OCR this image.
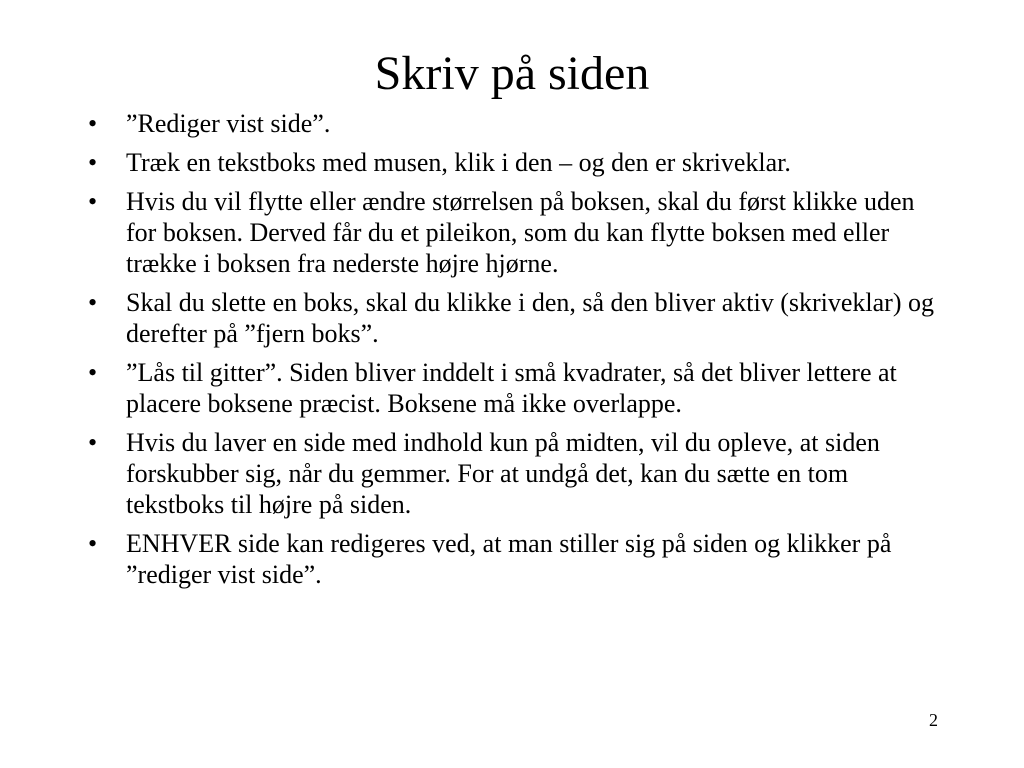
Skriv på siden
•	”Rediger vist side”.
•	Træk en tekstboks med musen, klik i den – og den er skriveklar.
•	Hvis du vil flytte eller ændre størrelsen på boksen, skal du først klikke uden for boksen. Derved får du et pileikon, som du kan flytte boksen med eller trække i boksen fra nederste højre hjørne.
•	Skal du slette en boks, skal du klikke i den, så den bliver aktiv (skriveklar) og derefter på ”fjern boks”.
•	”Lås til gitter”. Siden bliver inddelt i små kvadrater, så det bliver lettere at placere boksene præcist. Boksene må ikke overlappe.
•	Hvis du laver en side med indhold kun på midten, vil du opleve, at siden forskubber sig, når du gemmer. For at undgå det, kan du sætte en tom tekstboks til højre på siden.
•	ENHVER side kan redigeres ved, at man stiller sig på siden og klikker på ”rediger vist side”.
2
